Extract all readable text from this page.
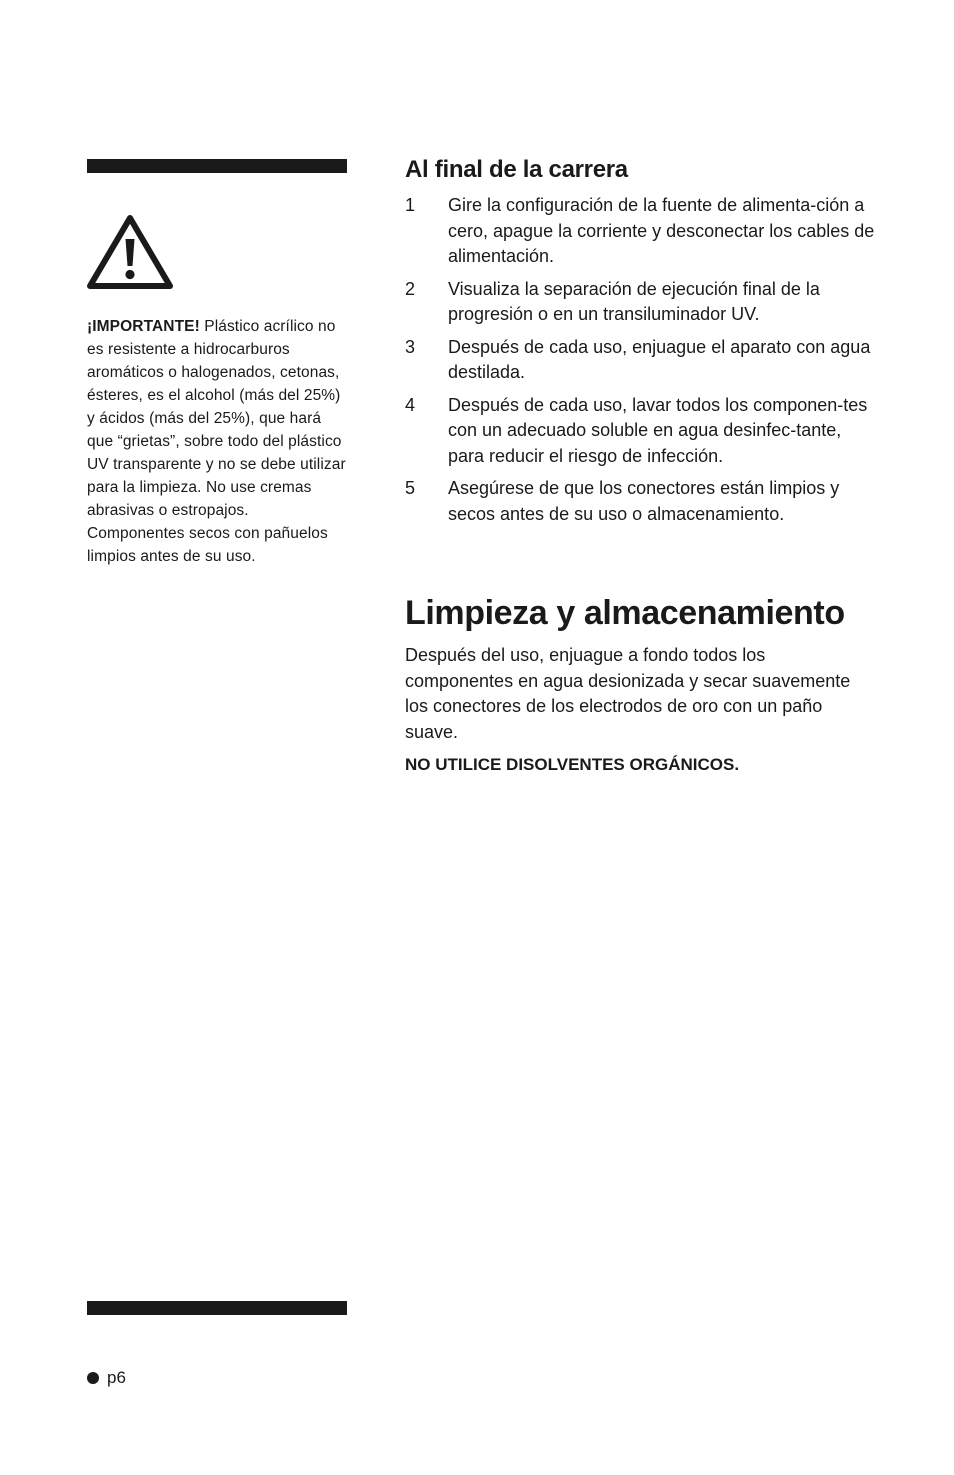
¡IMPORTANTE! Plástico acrílico no es resistente a hidrocarburos aromáticos o halogenados, cetonas, ésteres, es el alcohol (más del 25%) y ácidos (más del 25%), que hará que “grietas”, sobre todo del plástico UV transparente y no se debe utilizar para la limpieza. No use cremas abrasivas o estropajos. Componentes secos con pañuelos limpios antes de su uso.
Al final de la carrera
1	Gire la configuración de la fuente de alimenta-ción a cero, apague la corriente y desconectar los cables de alimentación.
2	Visualiza la separación de ejecución final de la progresión o en un transiluminador UV.
3	Después de cada uso, enjuague el aparato con agua destilada.
4	Después de cada uso, lavar todos los componen-tes con un adecuado soluble en agua desinfec-tante, para reducir el riesgo de infección.
5	Asegúrese de que los conectores están limpios y secos antes de su uso o almacenamiento.
Limpieza y almacenamiento

Después del uso, enjuague a fondo todos los componentes en agua desionizada y secar suavemente los conectores de los electrodos de oro con un paño suave.

NO UTILICE DISOLVENTES ORGÁNICOS.

p6
